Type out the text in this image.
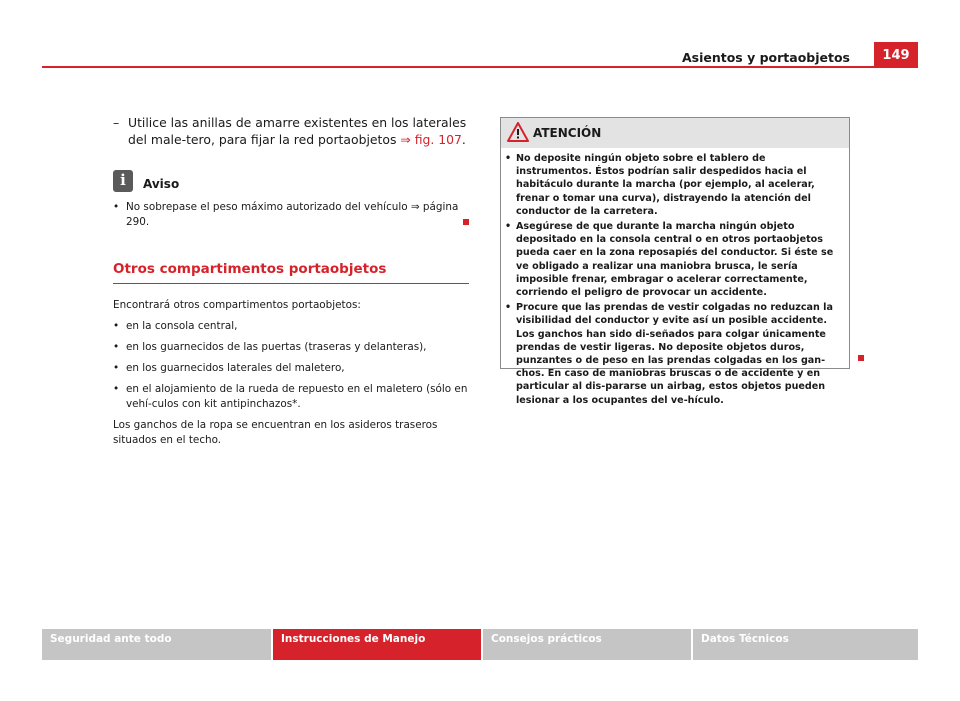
Asientos y portaobjetos	149
– Utilice las anillas de amarre existentes en los laterales del male-tero, para fijar la red portaobjetos ⇒ fig. 107.
i	Aviso
• No sobrepase el peso máximo autorizado del vehículo ⇒ página 290.
Otros compartimentos portaobjetos
Encontrará otros compartimentos portaobjetos:
• en la consola central,
• en los guarnecidos de las puertas (traseras y delanteras),
• en los guarnecidos laterales del maletero,
• en el alojamiento de la rueda de repuesto en el maletero (sólo en vehí-culos con kit antipinchazos*.
Los ganchos de la ropa se encuentran en los asideros traseros situados en el techo.
ATENCIÓN
• No deposite ningún objeto sobre el tablero de instrumentos. Éstos podrían salir despedidos hacia el habitáculo durante la marcha (por ejemplo, al acelerar, frenar o tomar una curva), distrayendo la atención del conductor de la carretera.
• Asegúrese de que durante la marcha ningún objeto depositado en la consola central o en otros portaobjetos pueda caer en la zona reposapiés del conductor. Si éste se ve obligado a realizar una maniobra brusca, le sería imposible frenar, embragar o acelerar correctamente, corriendo el peligro de provocar un accidente.
• Procure que las prendas de vestir colgadas no reduzcan la visibilidad del conductor y evite así un posible accidente. Los ganchos han sido di-señados para colgar únicamente prendas de vestir ligeras. No deposite objetos duros, punzantes o de peso en las prendas colgadas en los gan-chos. En caso de maniobras bruscas o de accidente y en particular al dis-pararse un airbag, estos objetos pueden lesionar a los ocupantes del ve-hículo.
Seguridad ante todo	Instrucciones de Manejo	Consejos prácticos	Datos Técnicos
